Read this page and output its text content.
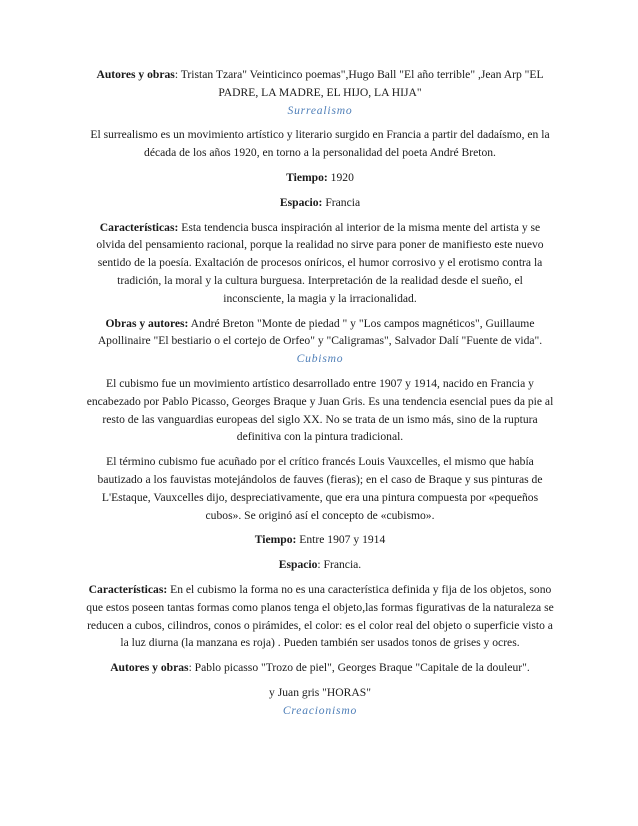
Autores y obras: Tristan Tzara" Veinticinco poemas",Hugo Ball "El año terrible" ,Jean Arp "EL PADRE, LA MADRE, EL HIJO, LA HIJA"

Surrealismo

El surrealismo es un movimiento artístico y literario surgido en Francia a partir del dadaísmo, en la década de los años 1920, en torno a la personalidad del poeta André Breton.

Tiempo: 1920

Espacio: Francia

Características: Esta tendencia busca inspiración al interior de la misma mente del artista y se olvida del pensamiento racional, porque la realidad no sirve para poner de manifiesto este nuevo sentido de la poesía. Exaltación de procesos oníricos, el humor corrosivo y el erotismo contra la tradición, la moral y la cultura burguesa. Interpretación de la realidad desde el sueño, el inconsciente, la magia y la irracionalidad.

Obras y autores: André Breton "Monte de piedad " y "Los campos magnéticos", Guillaume Apollinaire "El bestiario o el cortejo de Orfeo" y "Caligramas", Salvador Dalí "Fuente de vida".

Cubismo

El cubismo fue un movimiento artístico desarrollado entre 1907 y 1914, nacido en Francia y encabezado por Pablo Picasso, Georges Braque y Juan Gris. Es una tendencia esencial pues da pie al resto de las vanguardias europeas del siglo XX. No se trata de un ismo más, sino de la ruptura definitiva con la pintura tradicional.

El término cubismo fue acuñado por el crítico francés Louis Vauxcelles, el mismo que había bautizado a los fauvistas motejándolos de fauves (fieras); en el caso de Braque y sus pinturas de L'Estaque, Vauxcelles dijo, despreciativamente, que era una pintura compuesta por «pequeños cubos». Se originó así el concepto de «cubismo».

Tiempo: Entre 1907 y 1914

Espacio: Francia.

Características: En el cubismo la forma no es una característica definida y fija de los objetos, sono que estos poseen tantas formas como planos tenga el objeto,las formas figurativas de la naturaleza se reducen a cubos, cilindros, conos o pirámides, el color: es el color real del objeto o superficie visto a la luz diurna (la manzana es roja) . Pueden también ser usados tonos de grises y ocres.

Autores y obras: Pablo picasso "Trozo de piel", Georges Braque "Capitale de la douleur".

y Juan gris "HORAS"

Creacionismo
